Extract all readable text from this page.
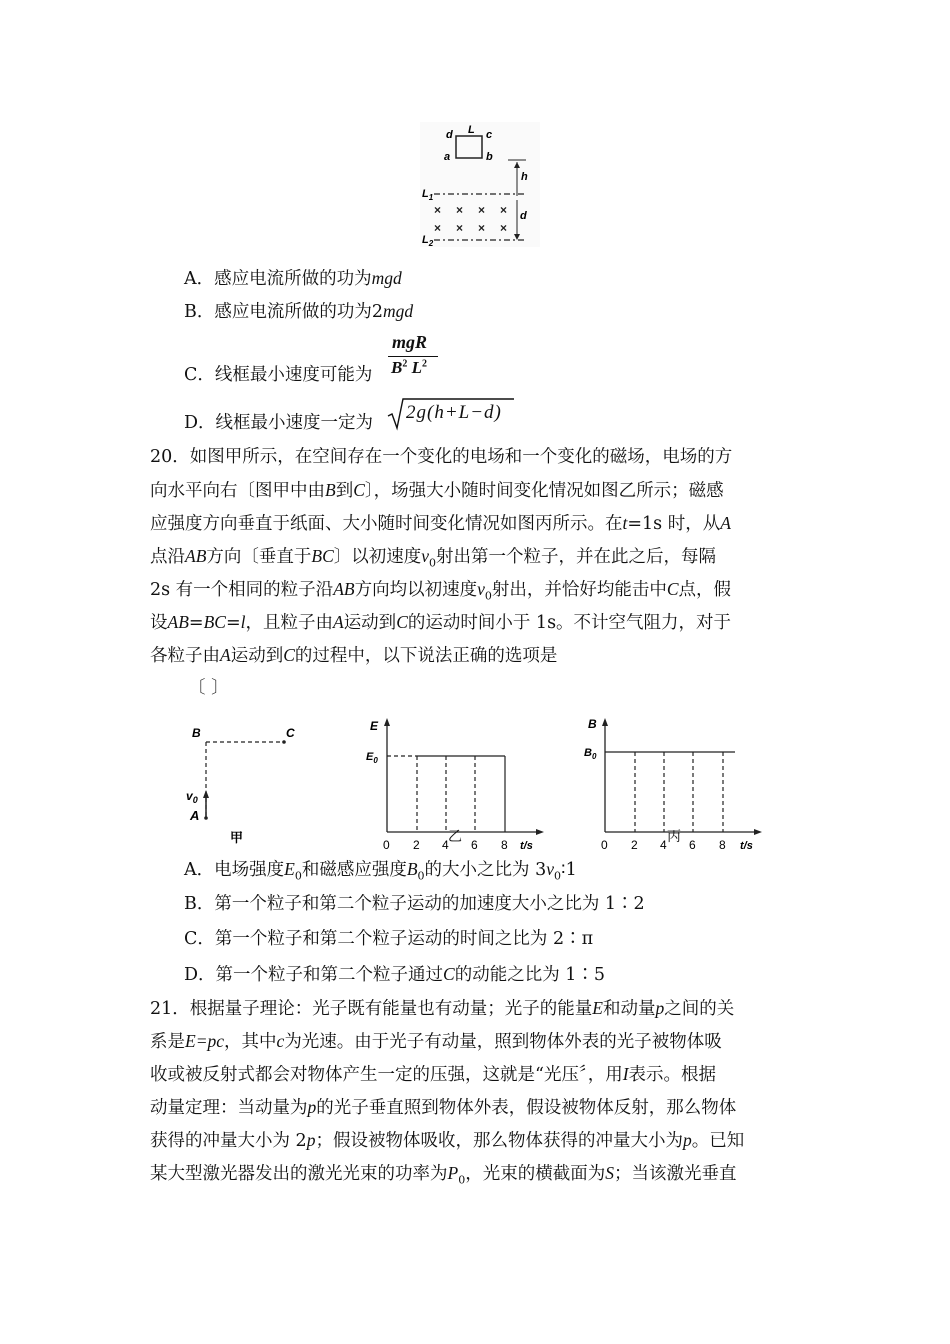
d L c
a	b
h
$L_1$
d
× × × ×
× × × ×
$L_2$
A．感应电流所做的功为mgd
B．感应电流所做的功为2mgd
C．线框最小速度可能为
mgR
$B^2$ $L^2$
D．线框最小速度一定为 2g(h+L−d)
20．如图甲所示，在空间存在一个变化的电场和一个变化的磁场，电场的方
向水平向右〔图甲中由B到C〕，场强大小随时间变化情况如图乙所示；磁感
应强度方向垂直于纸面、大小随时间变化情况如图丙所示。在t=1s 时，从A
点沿AB方向〔垂直于BC〕以初速度$v_0$射出第一个粒子，并在此之后，每隔
2s 有一个相同的粒子沿AB方向均以初速度$v_0$射出，并恰好均能击中C点，假
设AB=BC=l，且粒子由A运动到C的运动时间小于 1s。不计空气阻力，对于
各粒子由A运动到C的过程中，以下说法正确的选项是
〔 〕
B	C
$v_0$
A
甲
E
$E_0$
0 2 4 6 8 t/s
乙
B
$B_0$
0 2 4 6 8 t/s
丙
A．电场强度$E_0$和磁感应强度$B_0$的大小之比为 $3v_0∶1$
B．第一个粒子和第二个粒子运动的加速度大小之比为 1∶2
C．第一个粒子和第二个粒子运动的时间之比为 2∶π
D．第一个粒子和第二个粒子通过C的动能之比为 1∶5
21．根据量子理论：光子既有能量也有动量；光子的能量E和动量p之间的关
系是E=pc，其中c为光速。由于光子有动量，照到物体外表的光子被物体吸
收或被反射式都会对物体产生一定的压强，这就是“光压〞，用I表示。根据
动量定理：当动量为p的光子垂直照到物体外表，假设被物体反射，那么物体
获得的冲量大小为 2p；假设被物体吸收，那么物体获得的冲量大小为p。已知
某大型激光器发出的激光光束的功率为$P_0$，光束的横截面为S；当该激光垂直
